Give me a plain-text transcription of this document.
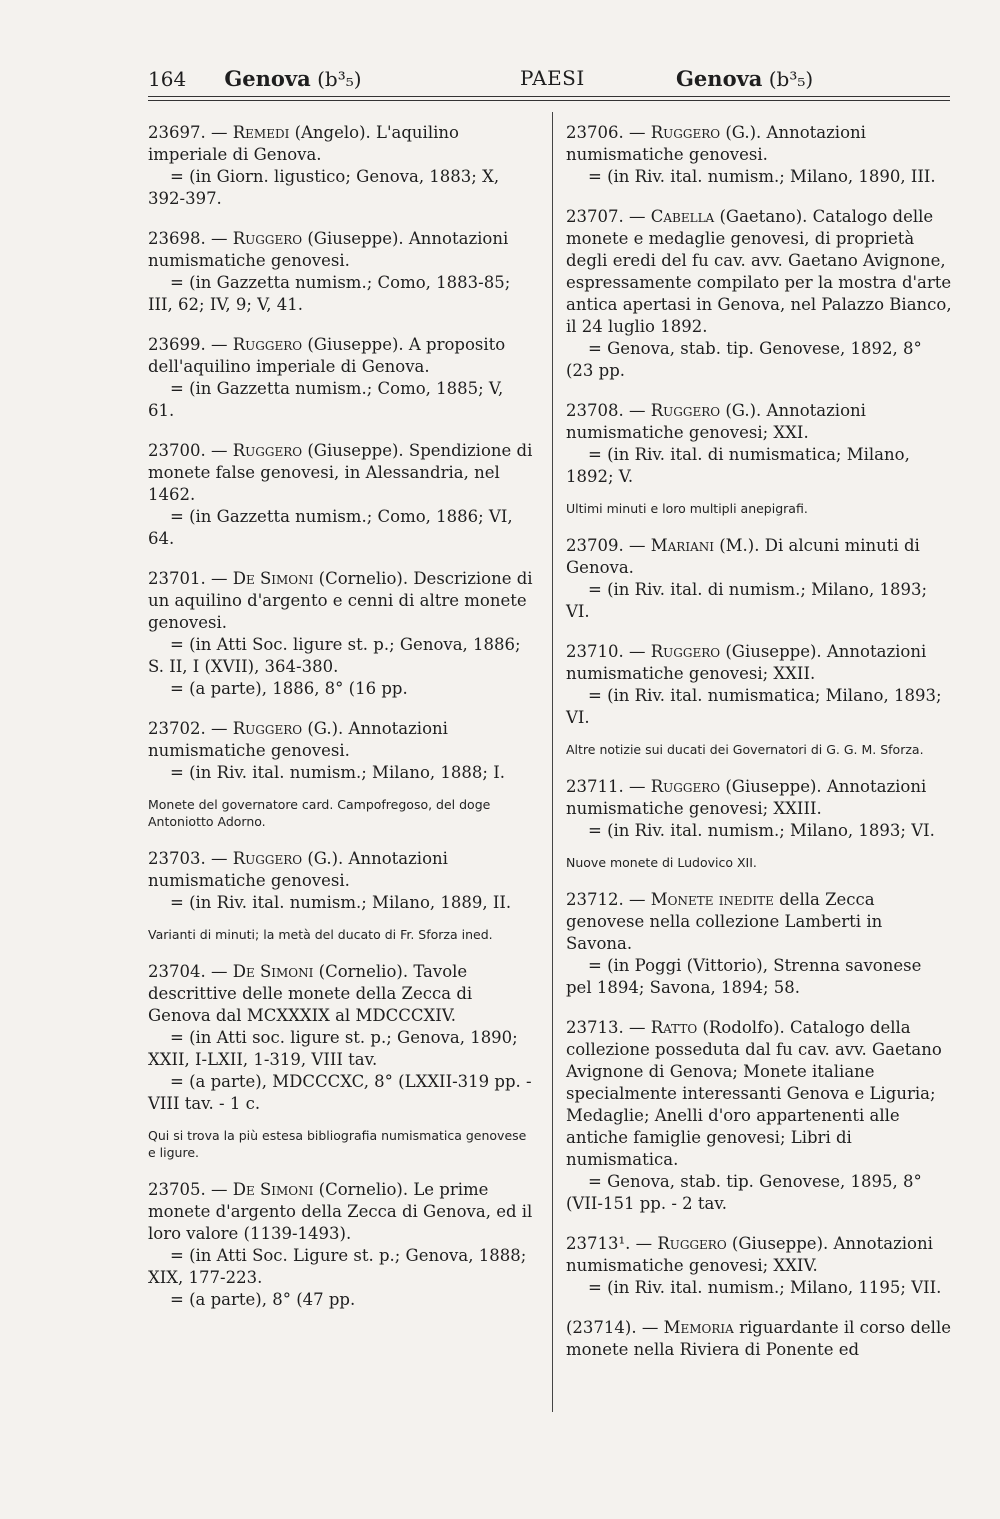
164 Genova (b³₅)	PAESI	Genova (b³₅)

23697. — Remedi (Angelo). L'aquilino imperiale di Genova.

= (in Giorn. ligustico; Genova, 1883; X, 392-397.

23698. — Ruggero (Giuseppe). Annotazioni numismatiche genovesi.

= (in Gazzetta numism.; Como, 1883-85; III, 62; IV, 9; V, 41.

23699. — Ruggero (Giuseppe). A proposito dell'aquilino imperiale di Genova.

= (in Gazzetta numism.; Como, 1885; V, 61.

23700. — Ruggero (Giuseppe). Spendizione di monete false genovesi, in Alessandria, nel 1462.

= (in Gazzetta numism.; Como, 1886; VI, 64.

23701. — De Simoni (Cornelio). Descrizione di un aquilino d'argento e cenni di altre monete genovesi.

= (in Atti Soc. ligure st. p.; Genova, 1886; S. II, I (XVII), 364-380.

= (a parte), 1886, 8° (16 pp.

23702. — Ruggero (G.). Annotazioni numismatiche genovesi.

= (in Riv. ital. numism.; Milano, 1888; I.

Monete del governatore card. Campofregoso, del doge Antoniotto Adorno.

23703. — Ruggero (G.). Annotazioni numismatiche genovesi.

= (in Riv. ital. numism.; Milano, 1889, II.

Varianti di minuti; la metà del ducato di Fr. Sforza ined.

23704. — De Simoni (Cornelio). Tavole descrittive delle monete della Zecca di Genova dal MCXXXIX al MDCCCXIV.

= (in Atti soc. ligure st. p.; Genova, 1890; XXII, I-LXII, 1-319, VIII tav.

= (a parte), MDCCCXC, 8° (LXXII-319 pp. - VIII tav. - 1 c.

Qui si trova la più estesa bibliografia numismatica genovese e ligure.

23705. — De Simoni (Cornelio). Le prime monete d'argento della Zecca di Genova, ed il loro valore (1139-1493).

= (in Atti Soc. Ligure st. p.; Genova, 1888; XIX, 177-223.

= (a parte), 8° (47 pp.

23706. — Ruggero (G.). Annotazioni numismatiche genovesi.

= (in Riv. ital. numism.; Milano, 1890, III.

23707. — Cabella (Gaetano). Catalogo delle monete e medaglie genovesi, di proprietà degli eredi del fu cav. avv. Gaetano Avignone, espressamente compilato per la mostra d'arte antica apertasi in Genova, nel Palazzo Bianco, il 24 luglio 1892.

= Genova, stab. tip. Genovese, 1892, 8° (23 pp.

23708. — Ruggero (G.). Annotazioni numismatiche genovesi; XXI.

= (in Riv. ital. di numismatica; Milano, 1892; V.

Ultimi minuti e loro multipli anepigrafi.

23709. — Mariani (M.). Di alcuni minuti di Genova.

= (in Riv. ital. di numism.; Milano, 1893; VI.

23710. — Ruggero (Giuseppe). Annotazioni numismatiche genovesi; XXII.

= (in Riv. ital. numismatica; Milano, 1893; VI.

Altre notizie sui ducati dei Governatori di G. G. M. Sforza.

23711. — Ruggero (Giuseppe). Annotazioni numismatiche genovesi; XXIII.

= (in Riv. ital. numism.; Milano, 1893; VI.

Nuove monete di Ludovico XII.

23712. — Monete inedite della Zecca genovese nella collezione Lamberti in Savona.

= (in Poggi (Vittorio), Strenna savonese pel 1894; Savona, 1894; 58.

23713. — Ratto (Rodolfo). Catalogo della collezione posseduta dal fu cav. avv. Gaetano Avignone di Genova; Monete italiane specialmente interessanti Genova e Liguria; Medaglie; Anelli d'oro appartenenti alle antiche famiglie genovesi; Libri di numismatica.

= Genova, stab. tip. Genovese, 1895, 8° (VII-151 pp. - 2 tav.

23713¹. — Ruggero (Giuseppe). Annotazioni numismatiche genovesi; XXIV.

= (in Riv. ital. numism.; Milano, 1195; VII.

(23714). — Memoria riguardante il corso delle monete nella Riviera di Ponente ed
